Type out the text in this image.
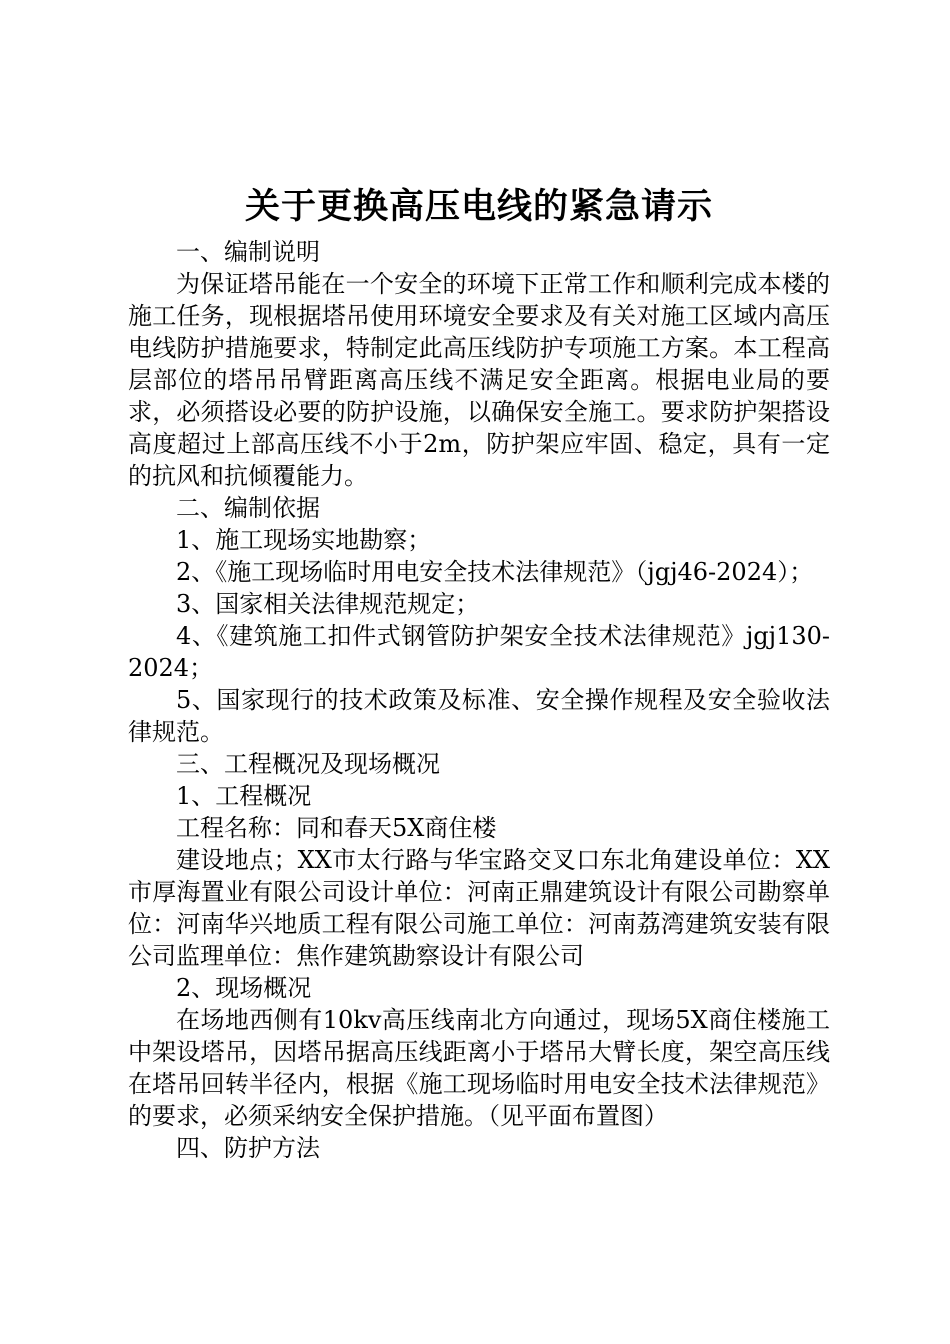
关于更换高压电线的紧急请示

一、编制说明

为保证塔吊能在一个安全的环境下正常工作和顺利完成本楼的施工任务，现根据塔吊使用环境安全要求及有关对施工区域内高压电线防护措施要求，特制定此高压线防护专项施工方案。本工程高层部位的塔吊吊臂距离高压线不满足安全距离。根据电业局的要求，必须搭设必要的防护设施，以确保安全施工。要求防护架搭设高度超过上部高压线不小于2m，防护架应牢固、稳定，具有一定的抗风和抗倾覆能力。

二、编制依据

1、施工现场实地勘察；

2、《施工现场临时用电安全技术法律规范》（jgj46-2024）；

3、国家相关法律规范规定；

4、《建筑施工扣件式钢管防护架安全技术法律规范》jgj130-2024；

5、国家现行的技术政策及标准、安全操作规程及安全验收法律规范。

三、工程概况及现场概况

1、工程概况

工程名称：同和春天5X商住楼

建设地点；XX市太行路与华宝路交叉口东北角建设单位：XX市厚海置业有限公司设计单位：河南正鼎建筑设计有限公司勘察单位：河南华兴地质工程有限公司施工单位：河南荔湾建筑安装有限公司监理单位：焦作建筑勘察设计有限公司

2、现场概况

在场地西侧有10kv高压线南北方向通过，现场5X商住楼施工中架设塔吊，因塔吊据高压线距离小于塔吊大臂长度，架空高压线在塔吊回转半径内，根据《施工现场临时用电安全技术法律规范》的要求，必须采纳安全保护措施。（见平面布置图）

四、防护方法
